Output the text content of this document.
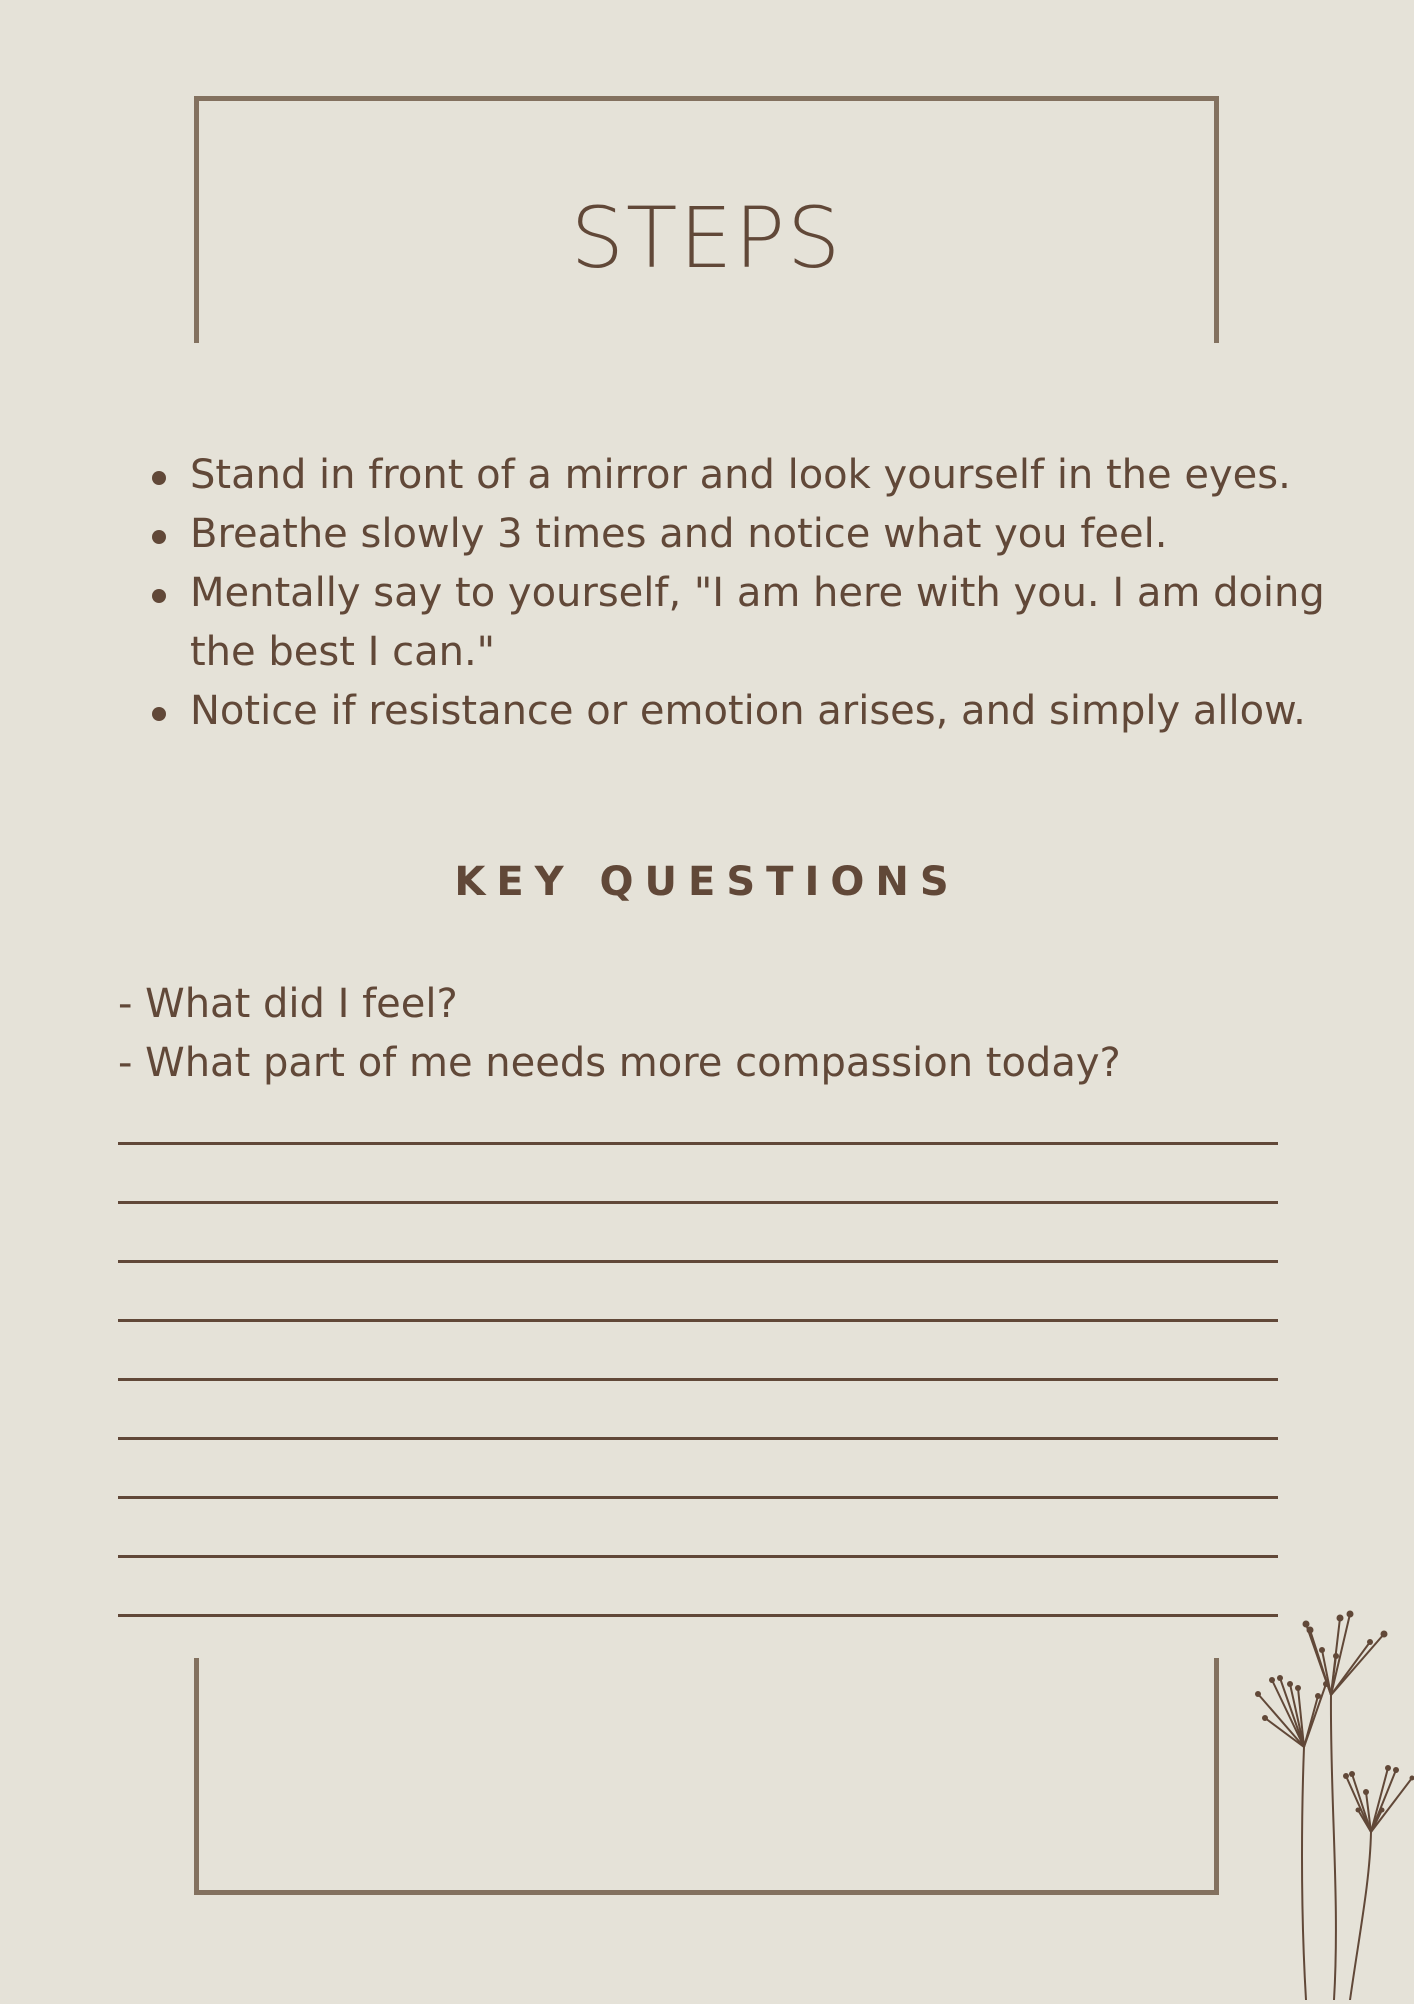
STEPS
Stand in front of a mirror and look yourself in the eyes.
Breathe slowly 3 times and notice what you feel.
Mentally say to yourself, "I am here with you. I am doing the best I can."
Notice if resistance or emotion arises, and simply allow.
KEY QUESTIONS
- What did I feel?
- What part of me needs more compassion today?
